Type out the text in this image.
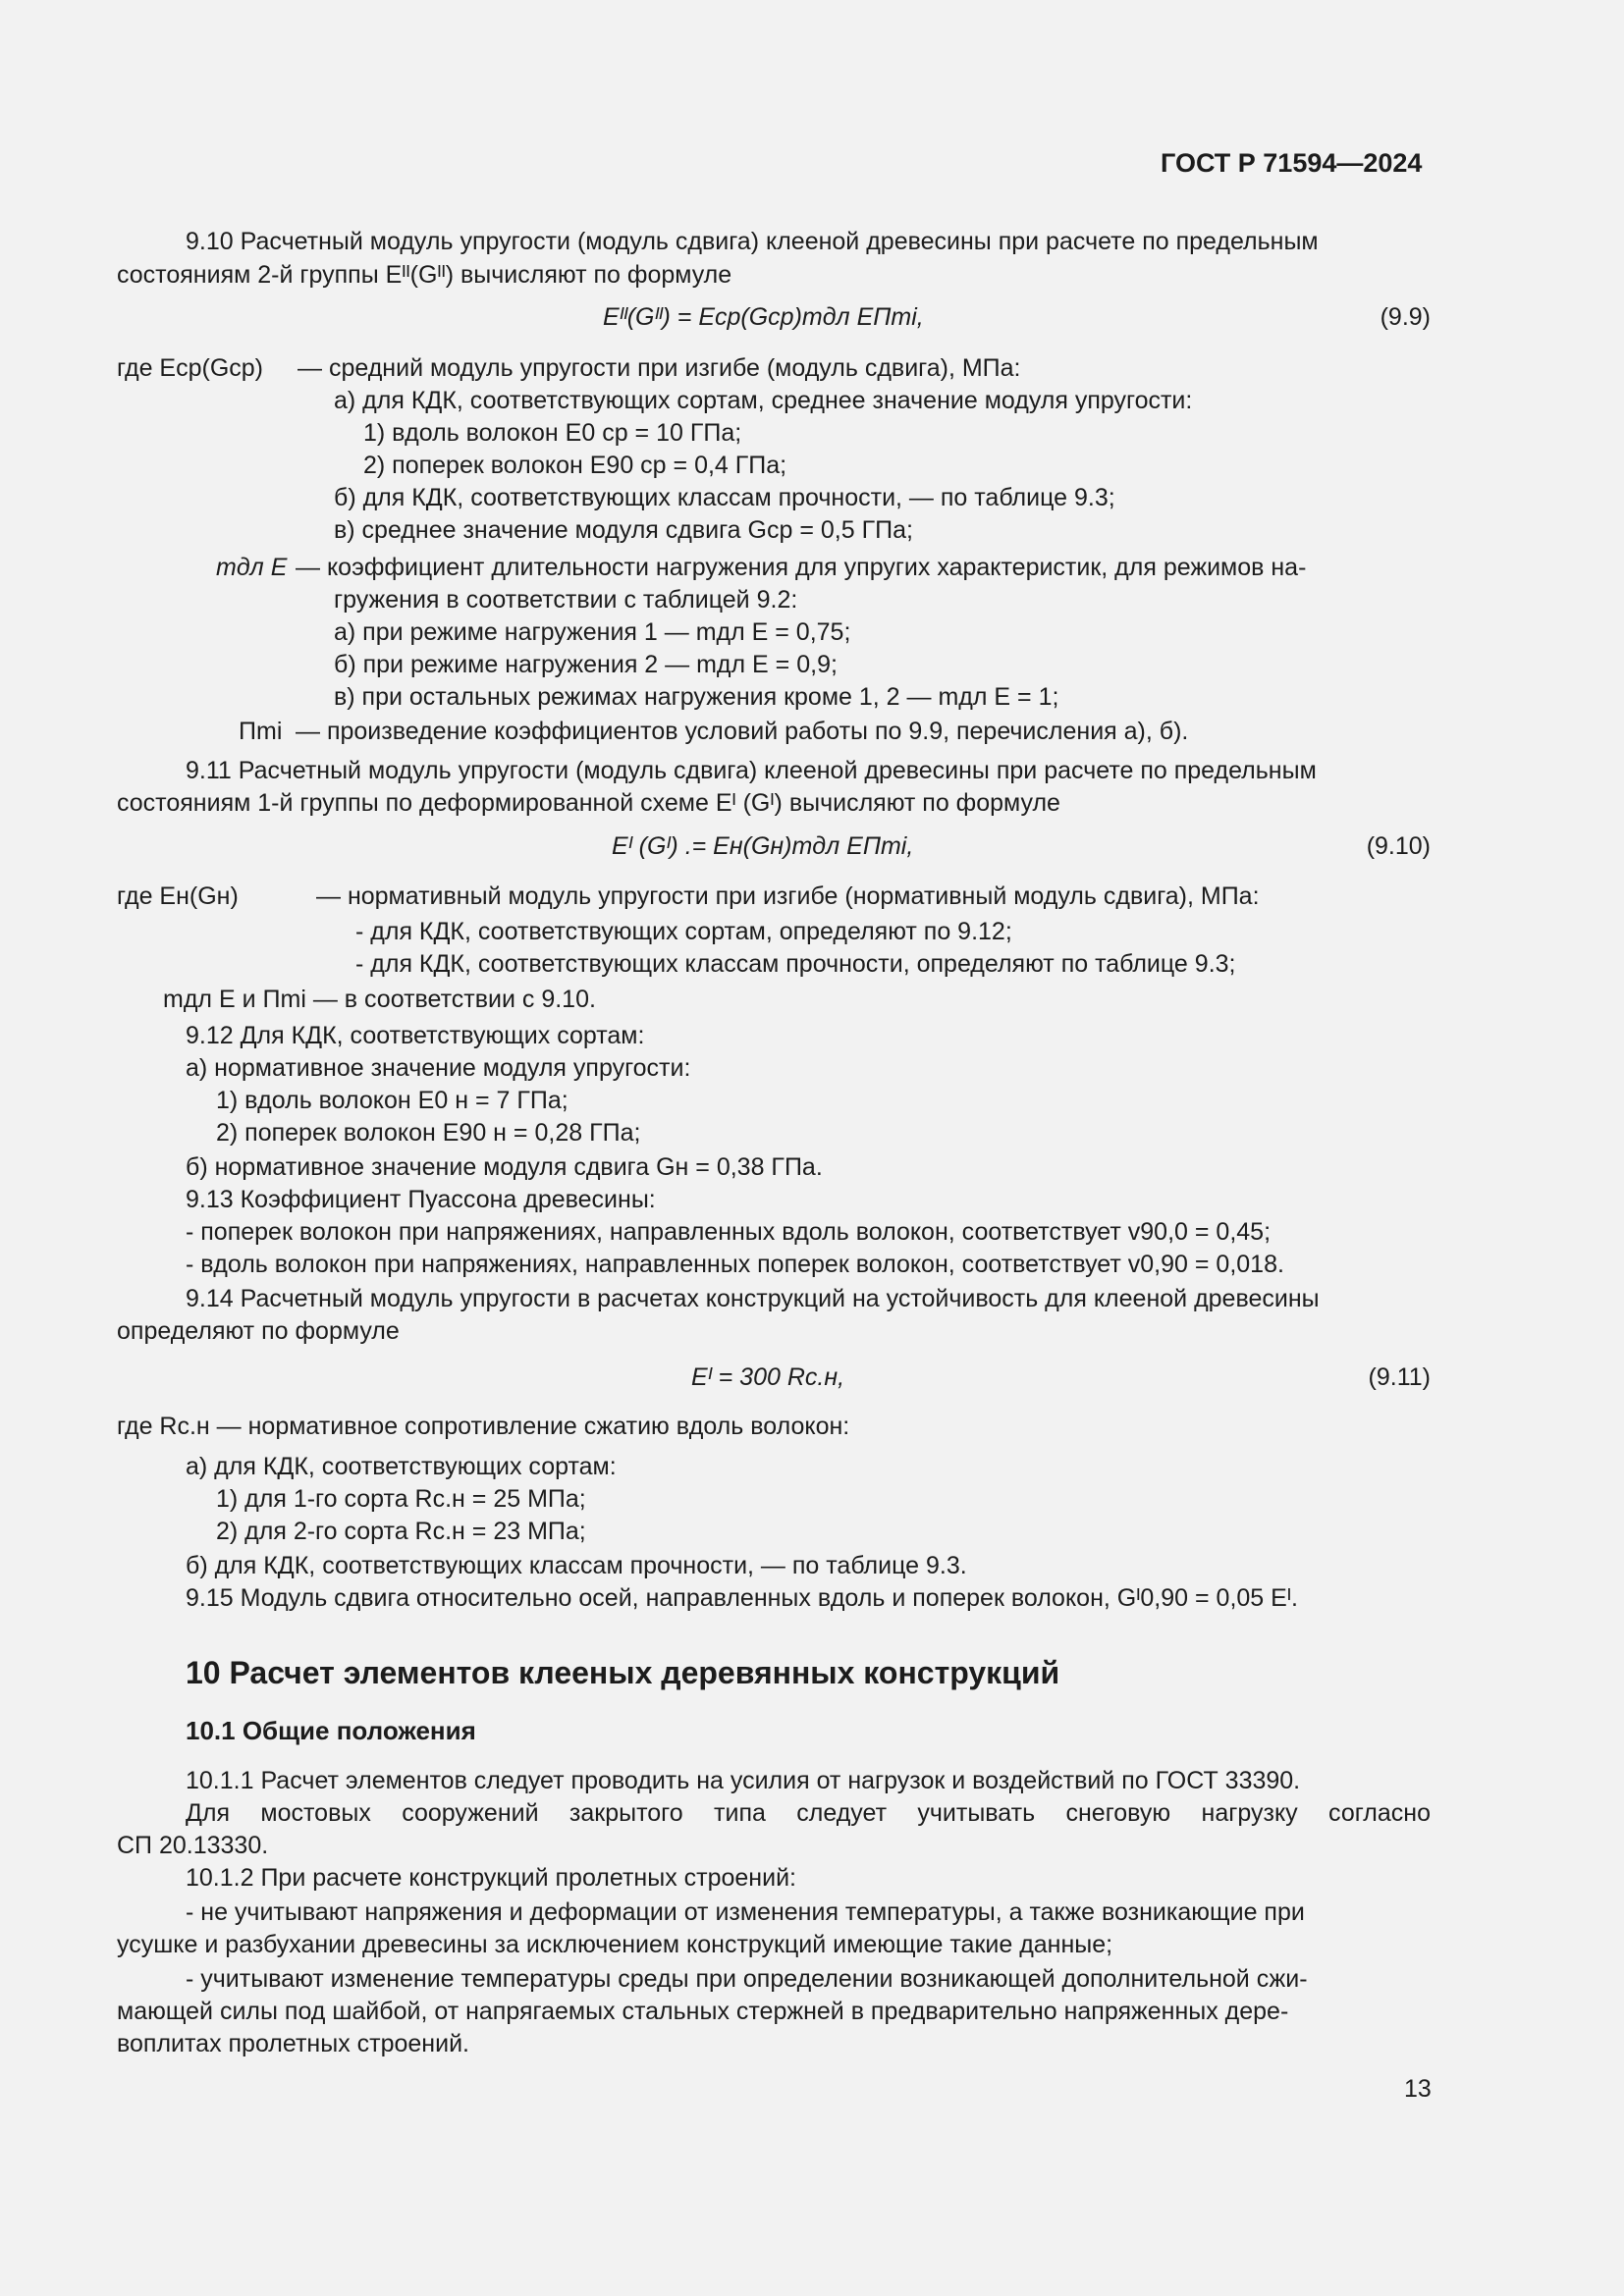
ГОСТ Р 71594—2024
9.10 Расчетный модуль упругости (модуль сдвига) клееной древесины при расчете по предельным
состояниям 2-й группы Eᴵᴵ(Gᴵᴵ) вычисляют по формуле
Eᴵᴵ(Gᴵᴵ) = Eср(Gср)mдл EΠmi,	(9.9)
где Eср(Gср) — средний модуль упругости при изгибе (модуль сдвига), МПа:
а) для КДК, соответствующих сортам, среднее значение модуля упругости:
1) вдоль волокон E0 ср = 10 ГПа;
2) поперек волокон E90 ср = 0,4 ГПа;
б) для КДК, соответствующих классам прочности, — по таблице 9.3;
в) среднее значение модуля сдвига Gср = 0,5 ГПа;
mдл E — коэффициент длительности нагружения для упругих характеристик, для режимов на-
гружения в соответствии с таблицей 9.2:
а) при режиме нагружения 1 — mдл E = 0,75;
б) при режиме нагружения 2 — mдл E = 0,9;
в) при остальных режимах нагружения кроме 1, 2 — mдл E = 1;
Πmi — произведение коэффициентов условий работы по 9.9, перечисления а), б).
9.11 Расчетный модуль упругости (модуль сдвига) клееной древесины при расчете по предельным
состояниям 1-й группы по деформированной схеме Eᴵ (Gᴵ) вычисляют по формуле
Eᴵ (Gᴵ) .= Eн(Gн)mдл EΠmi,	(9.10)
где Eн(Gн)	— нормативный модуль упругости при изгибе (нормативный модуль сдвига), МПа:
- для КДК, соответствующих сортам, определяют по 9.12;
- для КДК, соответствующих классам прочности, определяют по таблице 9.3;
mдл E и Πmi — в соответствии с 9.10.
9.12 Для КДК, соответствующих сортам:
а) нормативное значение модуля упругости:
1) вдоль волокон E0 н = 7 ГПа;
2) поперек волокон E90 н = 0,28 ГПа;
б) нормативное значение модуля сдвига Gн = 0,38 ГПа.
9.13 Коэффициент Пуассона древесины:
- поперек волокон при напряжениях, направленных вдоль волокон, соответствует v90,0 = 0,45;
- вдоль волокон при напряжениях, направленных поперек волокон, соответствует v0,90 = 0,018.
9.14 Расчетный модуль упругости в расчетах конструкций на устойчивость для клееной древесины
определяют по формуле
Eᴵ = 300 Rс.н,	(9.11)
где Rс.н — нормативное сопротивление сжатию вдоль волокон:
а) для КДК, соответствующих сортам:
1) для 1-го сорта Rс.н = 25 МПа;
2) для 2-го сорта Rс.н = 23 МПа;
б) для КДК, соответствующих классам прочности, — по таблице 9.3.
9.15 Модуль сдвига относительно осей, направленных вдоль и поперек волокон, Gᴵ0,90 = 0,05 Eᴵ.
10 Расчет элементов клееных деревянных конструкций
10.1 Общие положения
10.1.1 Расчет элементов следует проводить на усилия от нагрузок и воздействий по ГОСТ 33390.
Для мостовых сооружений закрытого типа следует учитывать снеговую нагрузку согласно
СП 20.13330.
10.1.2 При расчете конструкций пролетных строений:
- не учитывают напряжения и деформации от изменения температуры, а также возникающие при
усушке и разбухании древесины за исключением конструкций имеющие такие данные;
- учитывают изменение температуры среды при определении возникающей дополнительной сжи-
мающей силы под шайбой, от напрягаемых стальных стержней в предварительно напряженных дере-
воплитах пролетных строений.
13
